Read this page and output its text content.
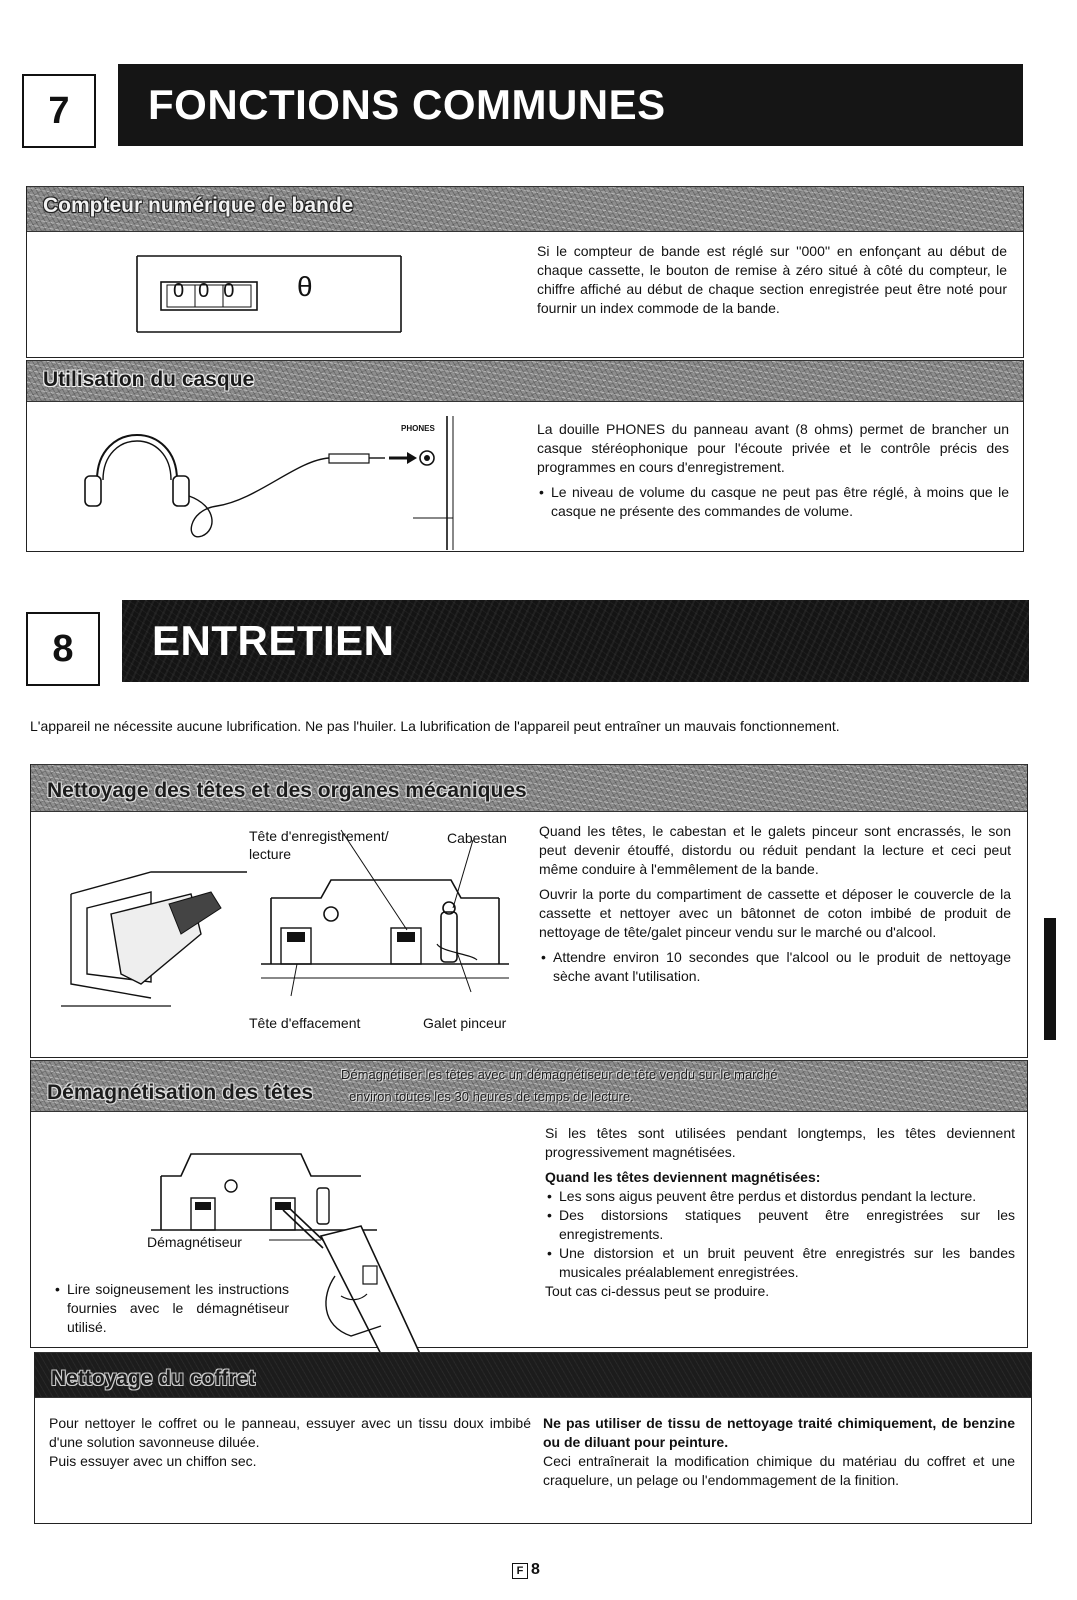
7	FONCTIONS COMMUNES
Compteur numérique de bande
000 θ
Si le compteur de bande est réglé sur ''000'' en enfonçant au début de chaque cassette, le bouton de remise à zéro situé à côté du compteur, le chiffre affiché au début de chaque section enregistrée peut être noté pour fournir un index commode de la bande.
Utilisation du casque
PHONES	La douille PHONES du panneau avant (8 ohms) permet de brancher un casque stéréophonique pour l'écoute privée et le contrôle précis des programmes en cours d'enregistrement.

• Le niveau de volume du casque ne peut pas être réglé, à moins que le casque ne présente des commandes de volume.

8	ENTRETIEN
L'appareil ne nécessite aucune lubrification. Ne pas l'huiler. La lubrification de l'appareil peut entraîner un mauvais fonctionnement.
Nettoyage des têtes et des organes mécaniques
Tête d'enregistrement/
lecture
Cabestan
Tête d'effacement	Galet pinceur

Quand les têtes, le cabestan et le galets pinceur sont encrassés, le son peut devenir étouffé, distordu ou réduit pendant la lecture et ceci peut même conduire à l'emmêlement de la bande.

Ouvrir la porte du compartiment de cassette et déposer le couvercle de la cassette et nettoyer avec un bâtonnet de coton imbibé de produit de nettoyage de tête/galet pinceur vendu sur le marché ou d'alcool.

• Attendre environ 10 secondes que l'alcool ou le produit de nettoyage sèche avant l'utilisation.

Démagnétisation des têtes
Démagnétiser les têtes avec un démagnétiseur de tête vendu sur le marché
environ toutes les 30 heures de temps de lecture.
Démagnétiseur

• Lire soigneusement les instructions fournies avec le démagnétiseur utilisé.

Si les têtes sont utilisées pendant longtemps, les têtes deviennent progressivement magnétisées.

Quand les têtes deviennent magnétisées:

• Les sons aigus peuvent être perdus et distordus pendant la lecture.

• Des distorsions statiques peuvent être enregistrées sur les enregistrements.

• Une distorsion et un bruit peuvent être enregistrés sur les bandes musicales préalablement enregistrées.

Tout cas ci-dessus peut se produire.

Nettoyage du coffret

Pour nettoyer le coffret ou le panneau, essuyer avec un tissu doux imbibé d'une solution savonneuse diluée.

Puis essuyer avec un chiffon sec.

Ne pas utiliser de tissu de nettoyage traité chimiquement, de benzine ou de diluant pour peinture.

Ceci entraînerait la modification chimique du matériau du coffret et une craquelure, un pelage ou l'endommagement de la finition.

F 8
